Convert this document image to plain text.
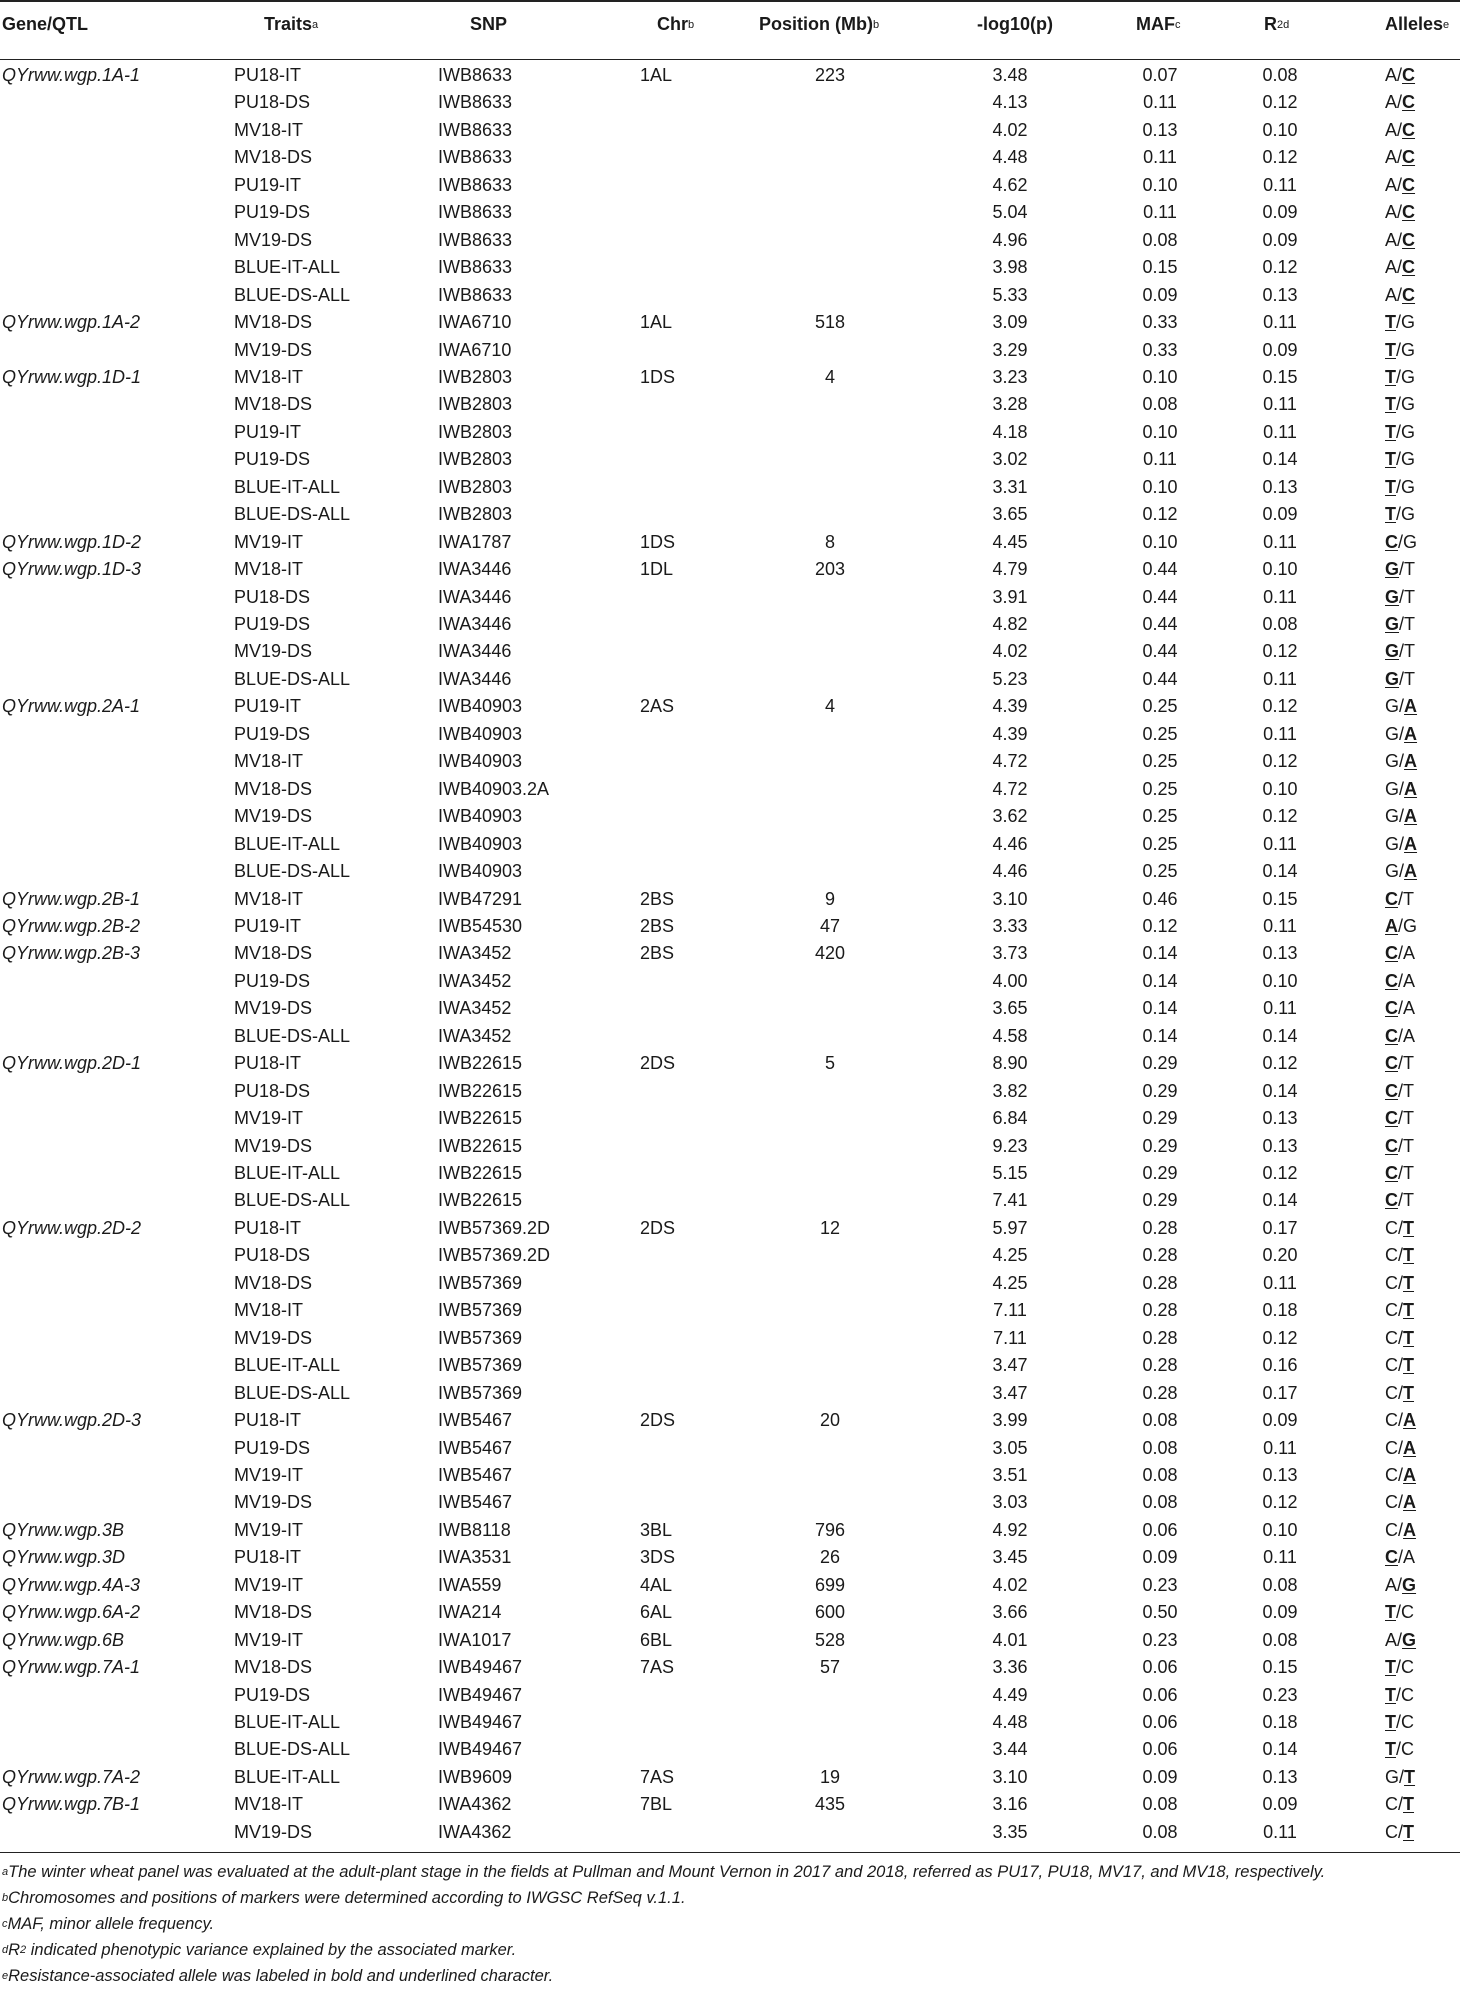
Gene/QTL	Traits$^a$	SNP	Chr$^b$	Position $(Mb)^b$	-log10(p)	MAF$^c$	$R^{2d}$	Alleles$^e$
QYrww.wgp.1A-1	PU18-IT	IWB8633	1AL	223	3.48	0.07	0.08	A/C
PU18-DS	IWB8633	4.13	0.11	0.12	A/C
MV18-IT	IWB8633	4.02	0.13	0.10	A/C
MV18-DS	IWB8633	4.48	0.11	0.12	A/C
PU19-IT	IWB8633	4.62	0.10	0.11	A/C
PU19-DS	IWB8633	5.04	0.11	0.09	A/C
MV19-DS	IWB8633	4.96	0.08	0.09	A/C
BLUE-IT-ALL	IWB8633	3.98	0.15	0.12	A/C
BLUE-DS-ALL	IWB8633	5.33	0.09	0.13	A/C
QYrww.wgp.1A-2	MV18-DS	IWA6710	1AL	518	3.09	0.33	0.11	T/G
MV19-DS	IWA6710	3.29	0.33	0.09	T/G
QYrww.wgp.1D-1	MV18-IT	IWB2803	1DS	4	3.23	0.10	0.15	T/G
MV18-DS	IWB2803	3.28	0.08	0.11	T/G
PU19-IT	IWB2803	4.18	0.10	0.11	T/G
PU19-DS	IWB2803	3.02	0.11	0.14	T/G
BLUE-IT-ALL	IWB2803	3.31	0.10	0.13	T/G
BLUE-DS-ALL	IWB2803	3.65	0.12	0.09	T/G
QYrww.wgp.1D-2	MV19-IT	IWA1787	1DS	8	4.45	0.10	0.11	C/G
QYrww.wgp.1D-3	MV18-IT	IWA3446	1DL	203	4.79	0.44	0.10	G/T
PU18-DS	IWA3446	3.91	0.44	0.11	G/T
PU19-DS	IWA3446	4.82	0.44	0.08	G/T
MV19-DS	IWA3446	4.02	0.44	0.12	G/T
BLUE-DS-ALL	IWA3446	5.23	0.44	0.11	G/T
QYrww.wgp.2A-1	PU19-IT	IWB40903	2AS	4	4.39	0.25	0.12	G/A
PU19-DS	IWB40903	4.39	0.25	0.11	G/A
MV18-IT	IWB40903	4.72	0.25	0.12	G/A
MV18-DS	IWB40903.2A	4.72	0.25	0.10	G/A
MV19-DS	IWB40903	3.62	0.25	0.12	G/A
BLUE-IT-ALL	IWB40903	4.46	0.25	0.11	G/A
BLUE-DS-ALL	IWB40903	4.46	0.25	0.14	G/A
QYrww.wgp.2B-1	MV18-IT	IWB47291	2BS	9	3.10	0.46	0.15	C/T
QYrww.wgp.2B-2	PU19-IT	IWB54530	2BS	47	3.33	0.12	0.11	A/G
QYrww.wgp.2B-3	MV18-DS	IWA3452	2BS	420	3.73	0.14	0.13	C/A
PU19-DS	IWA3452	4.00	0.14	0.10	C/A
MV19-DS	IWA3452	3.65	0.14	0.11	C/A
BLUE-DS-ALL	IWA3452	4.58	0.14	0.14	C/A
QYrww.wgp.2D-1	PU18-IT	IWB22615	2DS	5	8.90	0.29	0.12	C/T
PU18-DS	IWB22615	3.82	0.29	0.14	C/T
MV19-IT	IWB22615	6.84	0.29	0.13	C/T
MV19-DS	IWB22615	9.23	0.29	0.13	C/T
BLUE-IT-ALL	IWB22615	5.15	0.29	0.12	C/T
BLUE-DS-ALL	IWB22615	7.41	0.29	0.14	C/T
QYrww.wgp.2D-2	PU18-IT	IWB57369.2D	2DS	12	5.97	0.28	0.17	C/T
PU18-DS	IWB57369.2D	4.25	0.28	0.20	C/T
MV18-DS	IWB57369	4.25	0.28	0.11	C/T
MV18-IT	IWB57369	7.11	0.28	0.18	C/T
MV19-DS	IWB57369	7.11	0.28	0.12	C/T
BLUE-IT-ALL	IWB57369	3.47	0.28	0.16	C/T
BLUE-DS-ALL	IWB57369	3.47	0.28	0.17	C/T
QYrww.wgp.2D-3	PU18-IT	IWB5467	2DS	20	3.99	0.08	0.09	C/A
PU19-DS	IWB5467	3.05	0.08	0.11	C/A
MV19-IT	IWB5467	3.51	0.08	0.13	C/A
MV19-DS	IWB5467	3.03	0.08	0.12	C/A
QYrww.wgp.3B	MV19-IT	IWB8118	3BL	796	4.92	0.06	0.10	C/A
QYrww.wgp.3D	PU18-IT	IWA3531	3DS	26	3.45	0.09	0.11	C/A
QYrww.wgp.4A-3	MV19-IT	IWA559	4AL	699	4.02	0.23	0.08	A/G
QYrww.wgp.6A-2	MV18-DS	IWA214	6AL	600	3.66	0.50	0.09	T/C
QYrww.wgp.6B	MV19-IT	IWA1017	6BL	528	4.01	0.23	0.08	A/G
QYrww.wgp.7A-1	MV18-DS	IWB49467	7AS	57	3.36	0.06	0.15	T/C
PU19-DS	IWB49467	4.49	0.06	0.23	T/C
BLUE-IT-ALL	IWB49467	4.48	0.06	0.18	T/C
BLUE-DS-ALL	IWB49467	3.44	0.06	0.14	T/C
QYrww.wgp.7A-2	BLUE-IT-ALL	IWB9609	7AS	19	3.10	0.09	0.13	G/T
QYrww.wgp.7B-1	MV18-IT	IWA4362	7BL	435	3.16	0.08	0.09	C/T
MV19-DS	IWA4362	3.35	0.08	0.11	C/T
$^a$The winter wheat panel was evaluated at the adult-plant stage in the fields at Pullman and Mount Vernon in 2017 and 2018, referred as PU17, PU18, MV17, and MV18, respectively.
$^b$Chromosomes and positions of markers were determined according to IWGSC RefSeq v.1.1.
$^c$MAF, minor allele frequency.
$^dR^2$ indicated phenotypic variance explained by the associated marker.
$^e$Resistance-associated allele was labeled in bold and underlined character.
